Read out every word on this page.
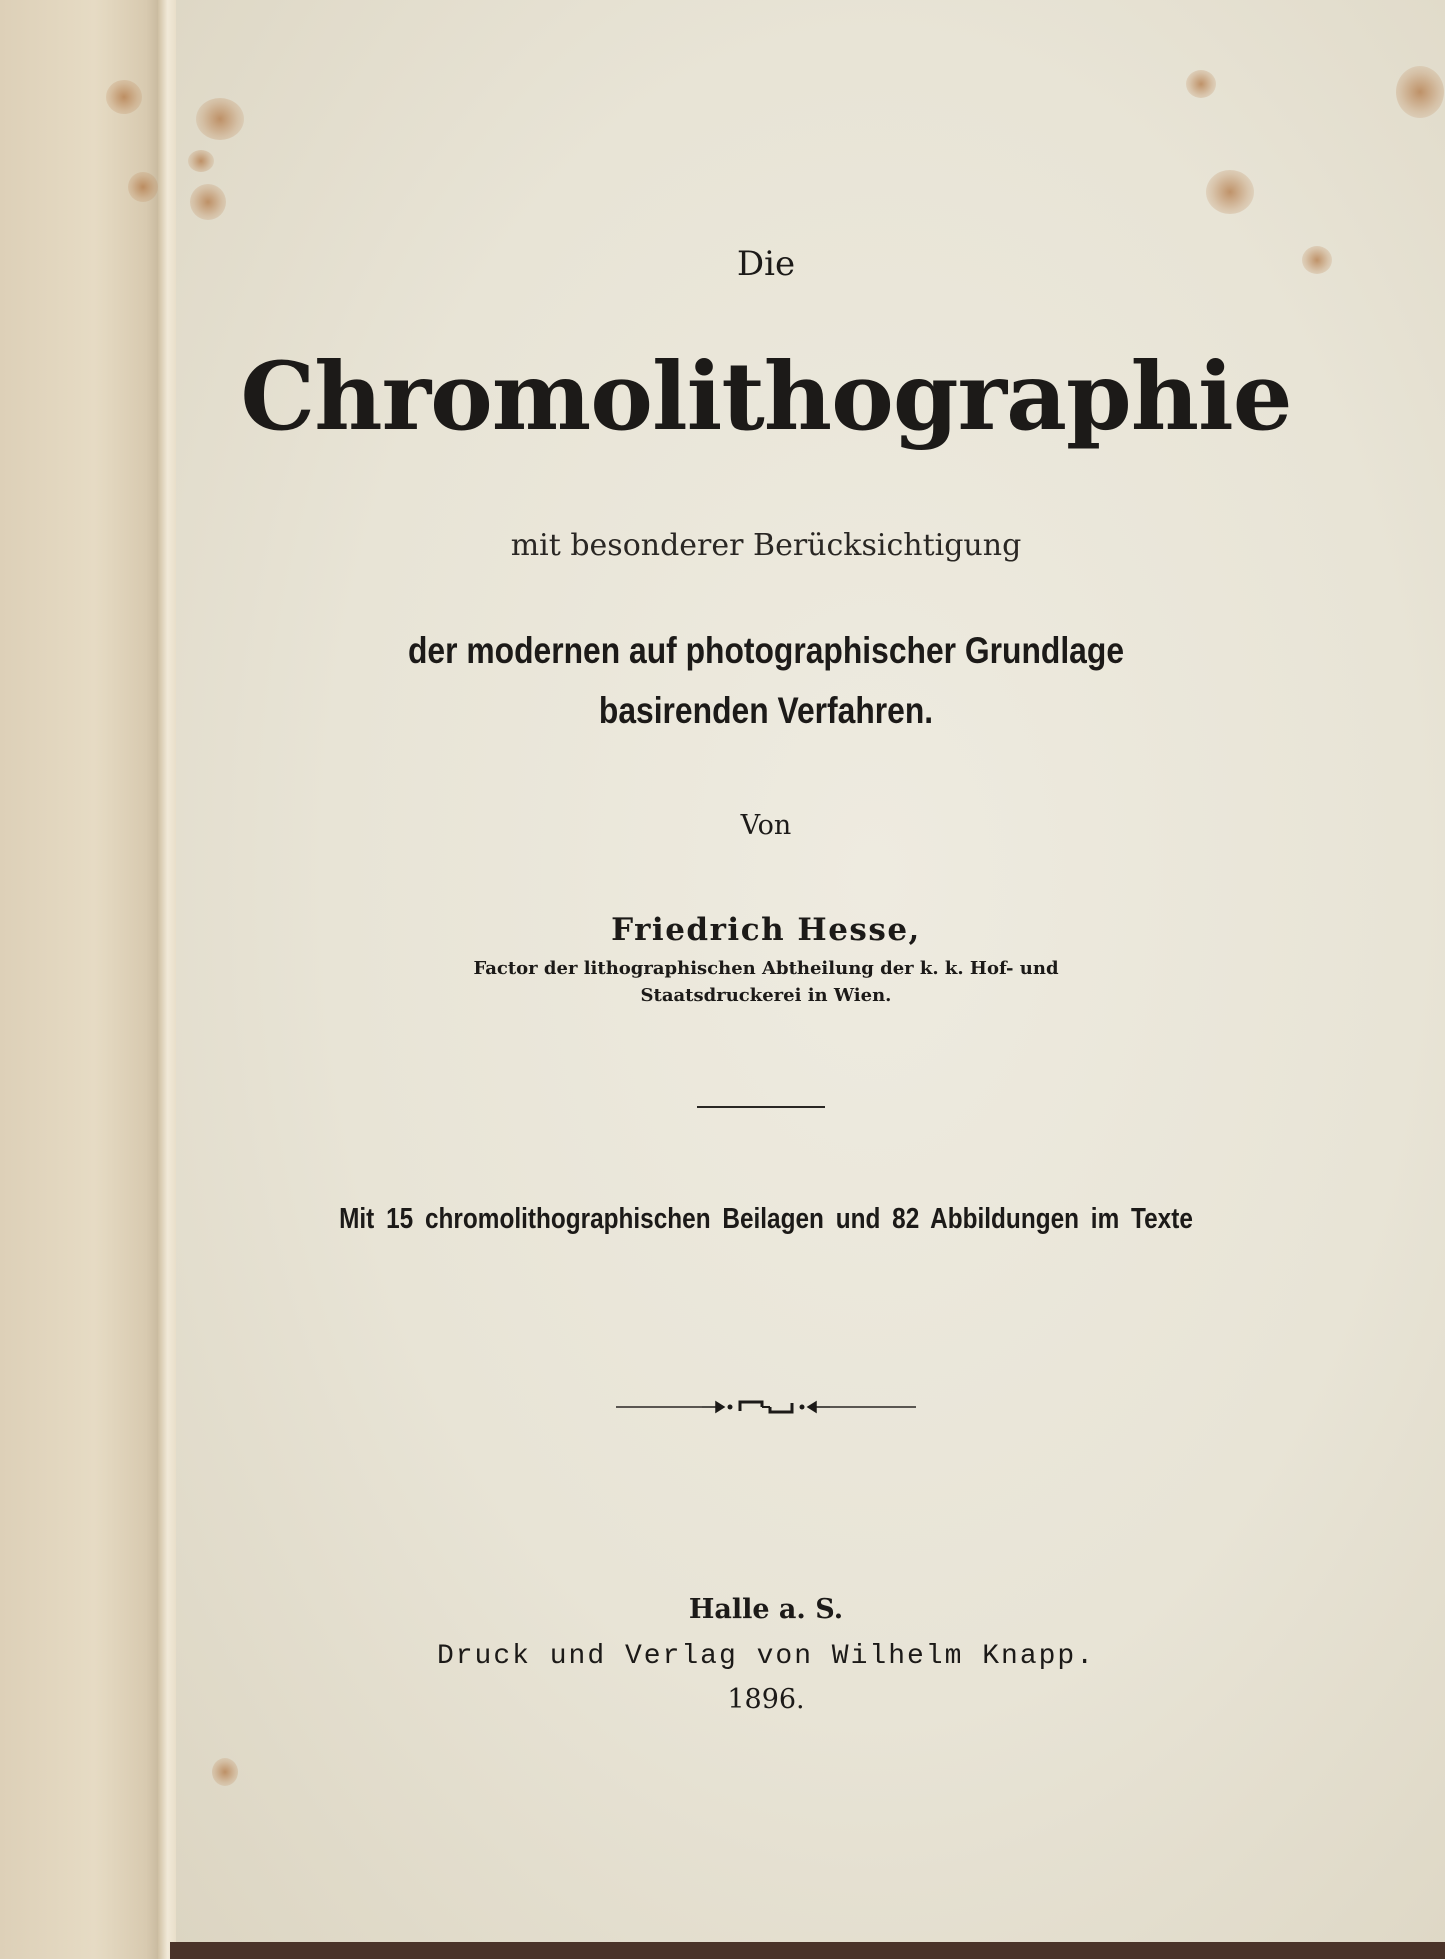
Die
Chromolithographie
mit besonderer Berücksichtigung
der modernen auf photographischer Grundlage
basirenden Verfahren.
Von
Friedrich Hesse,
Factor der lithographischen Abtheilung der k. k. Hof- und
Staatsdruckerei in Wien.
Mit 15 chromolithographischen Beilagen und 82 Abbildungen im Texte
Halle a. S.
Druck und Verlag von Wilhelm Knapp.
1896.
